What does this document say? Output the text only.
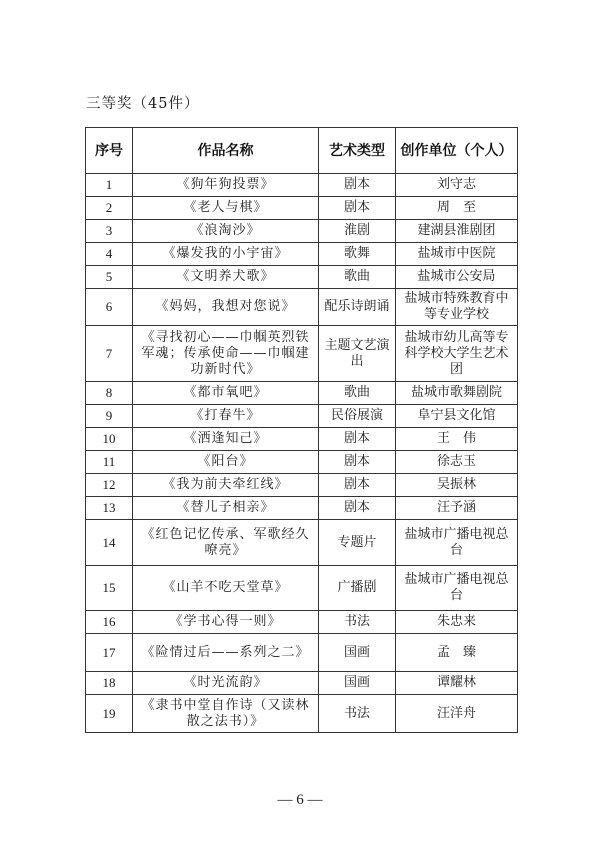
三等奖（45件）
序号	作品名称	艺术类型	创作单位（个人）
1	《狗年狗投票》	剧本	刘守志
2	《老人与棋》	剧本	周　至
3	《浪淘沙》	淮剧	建湖县淮剧团
4	《爆发我的小宇宙》	歌舞	盐城市中医院
5	《文明养犬歌》	歌曲	盐城市公安局
6	《妈妈，我想对您说》	配乐诗朗诵	盐城市特殊教育中等专业学校
7	《寻找初心——巾帼英烈铁军魂；传承使命——巾帼建功新时代》	主题文艺演出	盐城市幼儿高等专科学校大学生艺术团
8	《都市氧吧》	歌曲	盐城市歌舞剧院
9	《打春牛》	民俗展演	阜宁县文化馆
10	《洒逢知己》	剧本	王　伟
11	《阳台》	剧本	徐志玉
12	《我为前夫牵红线》	剧本	吴振林
13	《替儿子相亲》	剧本	汪予涵
14	《红色记忆传承、军歌经久嘹亮》	专题片	盐城市广播电视总台
15	《山羊不吃天堂草》	广播剧	盐城市广播电视总台
16	《学书心得一则》	书法	朱忠来
17	《险情过后——系列之二》	国画	孟　臻
18	《时光流韵》	国画	谭耀林
19	《隶书中堂自作诗（又读林散之法书）》	书法	汪洋舟
— 6 —
